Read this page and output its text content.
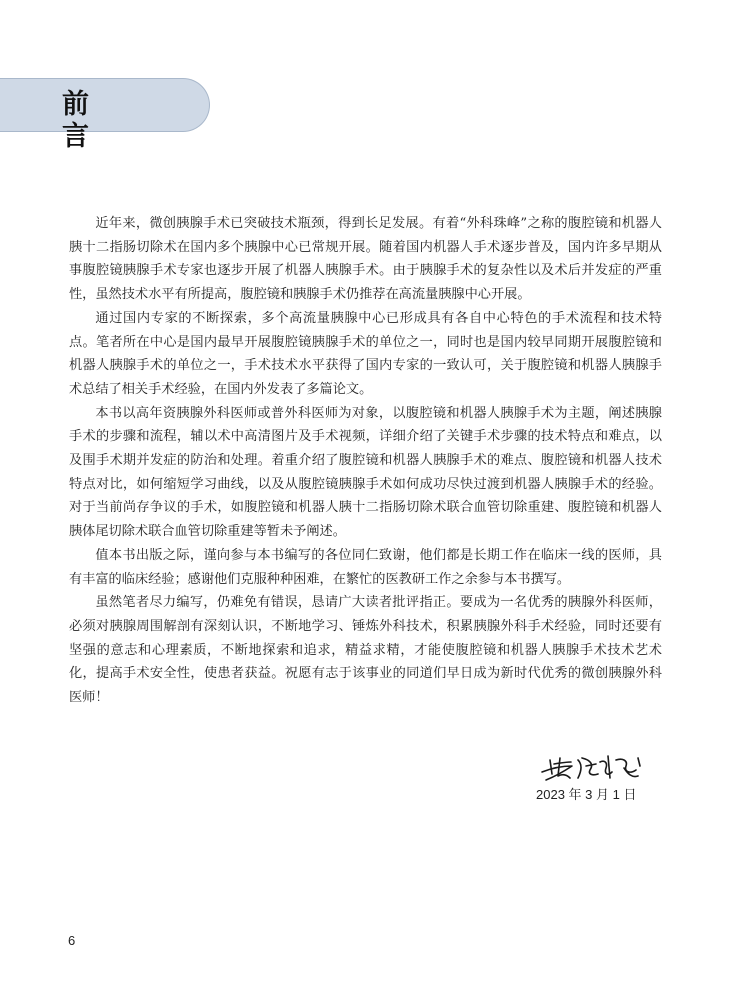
前 言

近年来，微创胰腺手术已突破技术瓶颈，得到长足发展。有着“外科珠峰”之称的腹腔镜和机器人胰十二指肠切除术在国内多个胰腺中心已常规开展。随着国内机器人手术逐步普及，国内许多早期从事腹腔镜胰腺手术专家也逐步开展了机器人胰腺手术。由于胰腺手术的复杂性以及术后并发症的严重性，虽然技术水平有所提高，腹腔镜和胰腺手术仍推荐在高流量胰腺中心开展。

通过国内专家的不断探索，多个高流量胰腺中心已形成具有各自中心特色的手术流程和技术特点。笔者所在中心是国内最早开展腹腔镜胰腺手术的单位之一，同时也是国内较早同期开展腹腔镜和机器人胰腺手术的单位之一，手术技术水平获得了国内专家的一致认可，关于腹腔镜和机器人胰腺手术总结了相关手术经验，在国内外发表了多篇论文。

本书以高年资胰腺外科医师或普外科医师为对象，以腹腔镜和机器人胰腺手术为主题，阐述胰腺手术的步骤和流程，辅以术中高清图片及手术视频，详细介绍了关键手术步骤的技术特点和难点，以及围手术期并发症的防治和处理。着重介绍了腹腔镜和机器人胰腺手术的难点、腹腔镜和机器人技术特点对比，如何缩短学习曲线，以及从腹腔镜胰腺手术如何成功尽快过渡到机器人胰腺手术的经验。对于当前尚存争议的手术，如腹腔镜和机器人胰十二指肠切除术联合血管切除重建、腹腔镜和机器人胰体尾切除术联合血管切除重建等暂未予阐述。

值本书出版之际，谨向参与本书编写的各位同仁致谢，他们都是长期工作在临床一线的医师，具有丰富的临床经验；感谢他们克服种种困难，在繁忙的医教研工作之余参与本书撰写。

虽然笔者尽力编写，仍难免有错误，恳请广大读者批评指正。要成为一名优秀的胰腺外科医师，必须对胰腺周围解剖有深刻认识，不断地学习、锤炼外科技术，积累胰腺外科手术经验，同时还要有坚强的意志和心理素质，不断地探索和追求，精益求精，才能使腹腔镜和机器人胰腺手术技术艺术化，提高手术安全性，使患者获益。祝愿有志于该事业的同道们早日成为新时代优秀的微创胰腺外科医师！

2023 年 3 月 1 日
6
